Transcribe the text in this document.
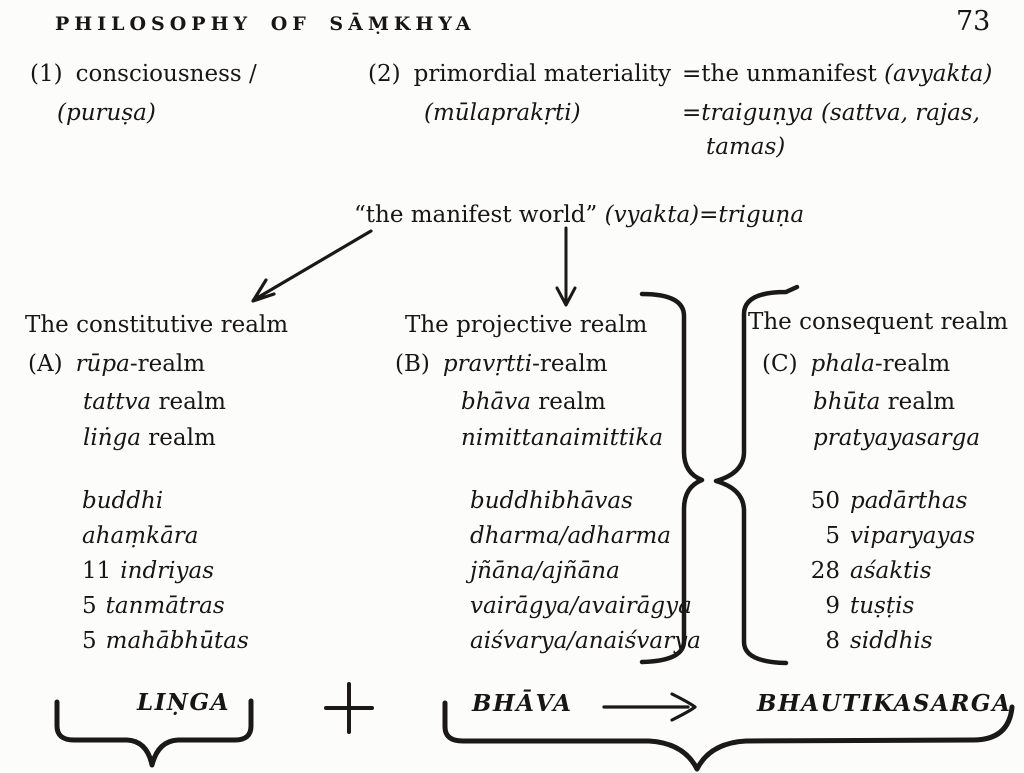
PHILOSOPHY OF SĀṂKHYA	73
(1) consciousness /
(puruṣa)
(2) primordial materiality
(mūlaprakṛti)
=the unmanifest (avyakta)
=traiguṇya (sattva, rajas,
tamas)
“the manifest world” (vyakta)=triguṇa
The constitutive realm
(A) rūpa-realm
tattva realm
liṅga realm
buddhi
ahaṃkāra
11 indriyas
5 tanmātras
5 mahābhūtas
The projective realm
(B) pravṛtti-realm
bhāva realm
nimittanaimittika
buddhibhāvas
dharma/adharma
jñāna/ajñāna
vairāgya/avairāgya
aiśvarya/anaiśvarya
The consequent realm
(C) phala-realm
bhūta realm
pratyayasarga
50 padārthas
5 viparyayas
28 aśaktis
9 tuṣṭis
8 siddhis
LIṆGA	BHĀVA	BHAUTIKASARGA
